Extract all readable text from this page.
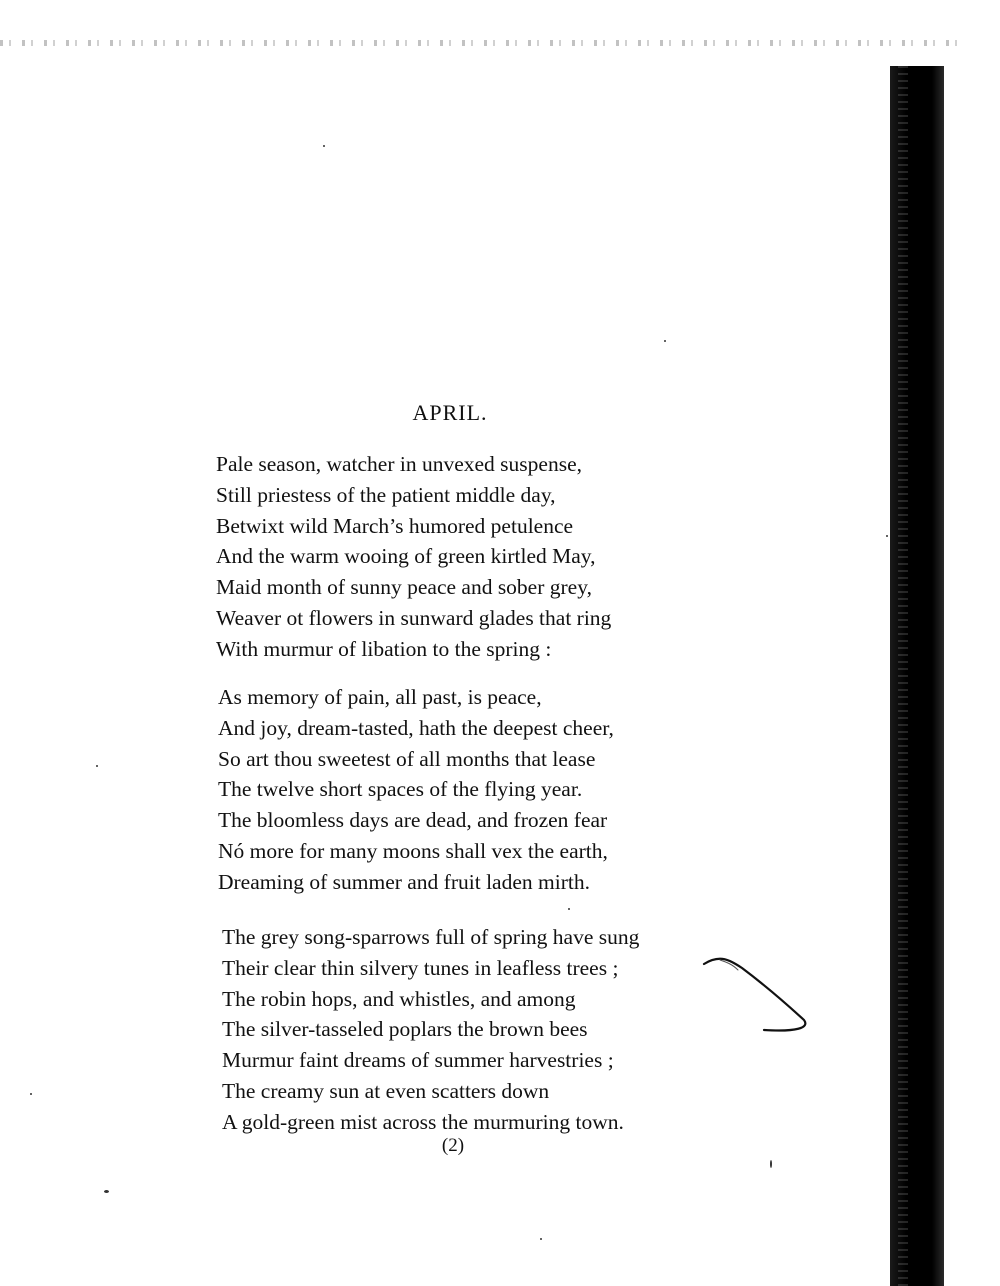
APRIL.
Pale season, watcher in unvexed suspense,
Still priestess of the patient middle day,
Betwixt wild March’s humored petulence
And the warm wooing of green kirtled May,
Maid month of sunny peace and sober grey,
Weaver ot flowers in sunward glades that ring
With murmur of libation to the spring :
As memory of pain, all past, is peace,
And joy, dream-tasted, hath the deepest cheer,
So art thou sweetest of all months that lease
The twelve short spaces of the flying year.
The bloomless days are dead, and frozen fear
Nó more for many moons shall vex the earth,
Dreaming of summer and fruit laden mirth.
The grey song-sparrows full of spring have sung
Their clear thin silvery tunes in leafless trees ;
The robin hops, and whistles, and among
The silver-tasseled poplars the brown bees
Murmur faint dreams of summer harvestries ;
The creamy sun at even scatters down
A gold-green mist across the murmuring town.
(2)
